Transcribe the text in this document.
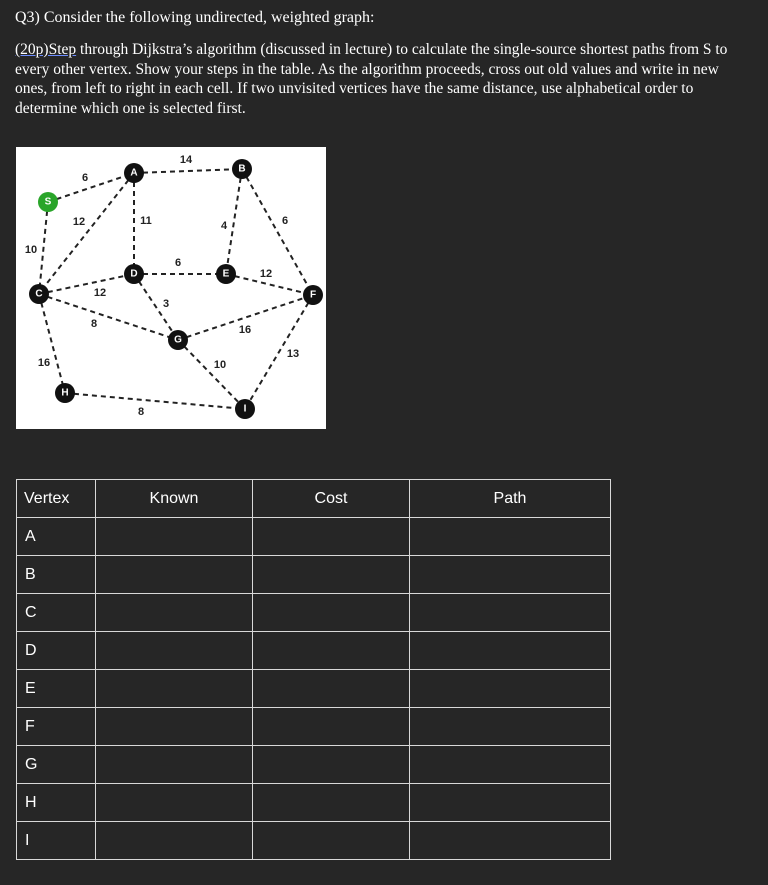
Q3) Consider the following undirected, weighted graph:
(20p)Step through Dijkstra’s algorithm (discussed in lecture) to calculate the single-source shortest paths from S to every other vertex. Show your steps in the table. As the algorithm proceeds, cross out old values and write in new ones, from left to right in each cell. If two unvisited vertices have the same distance, use alphabetical order to determine which one is selected first.
6
14
10
12	11	4	6
12
6
12
8
3
16
10
13
16
8
S
A	B
C
D	E
F
G
H
I
Vertex	Known	Cost	Path
A			
B			
C			
D			
E			
F			
G			
H			
I			
